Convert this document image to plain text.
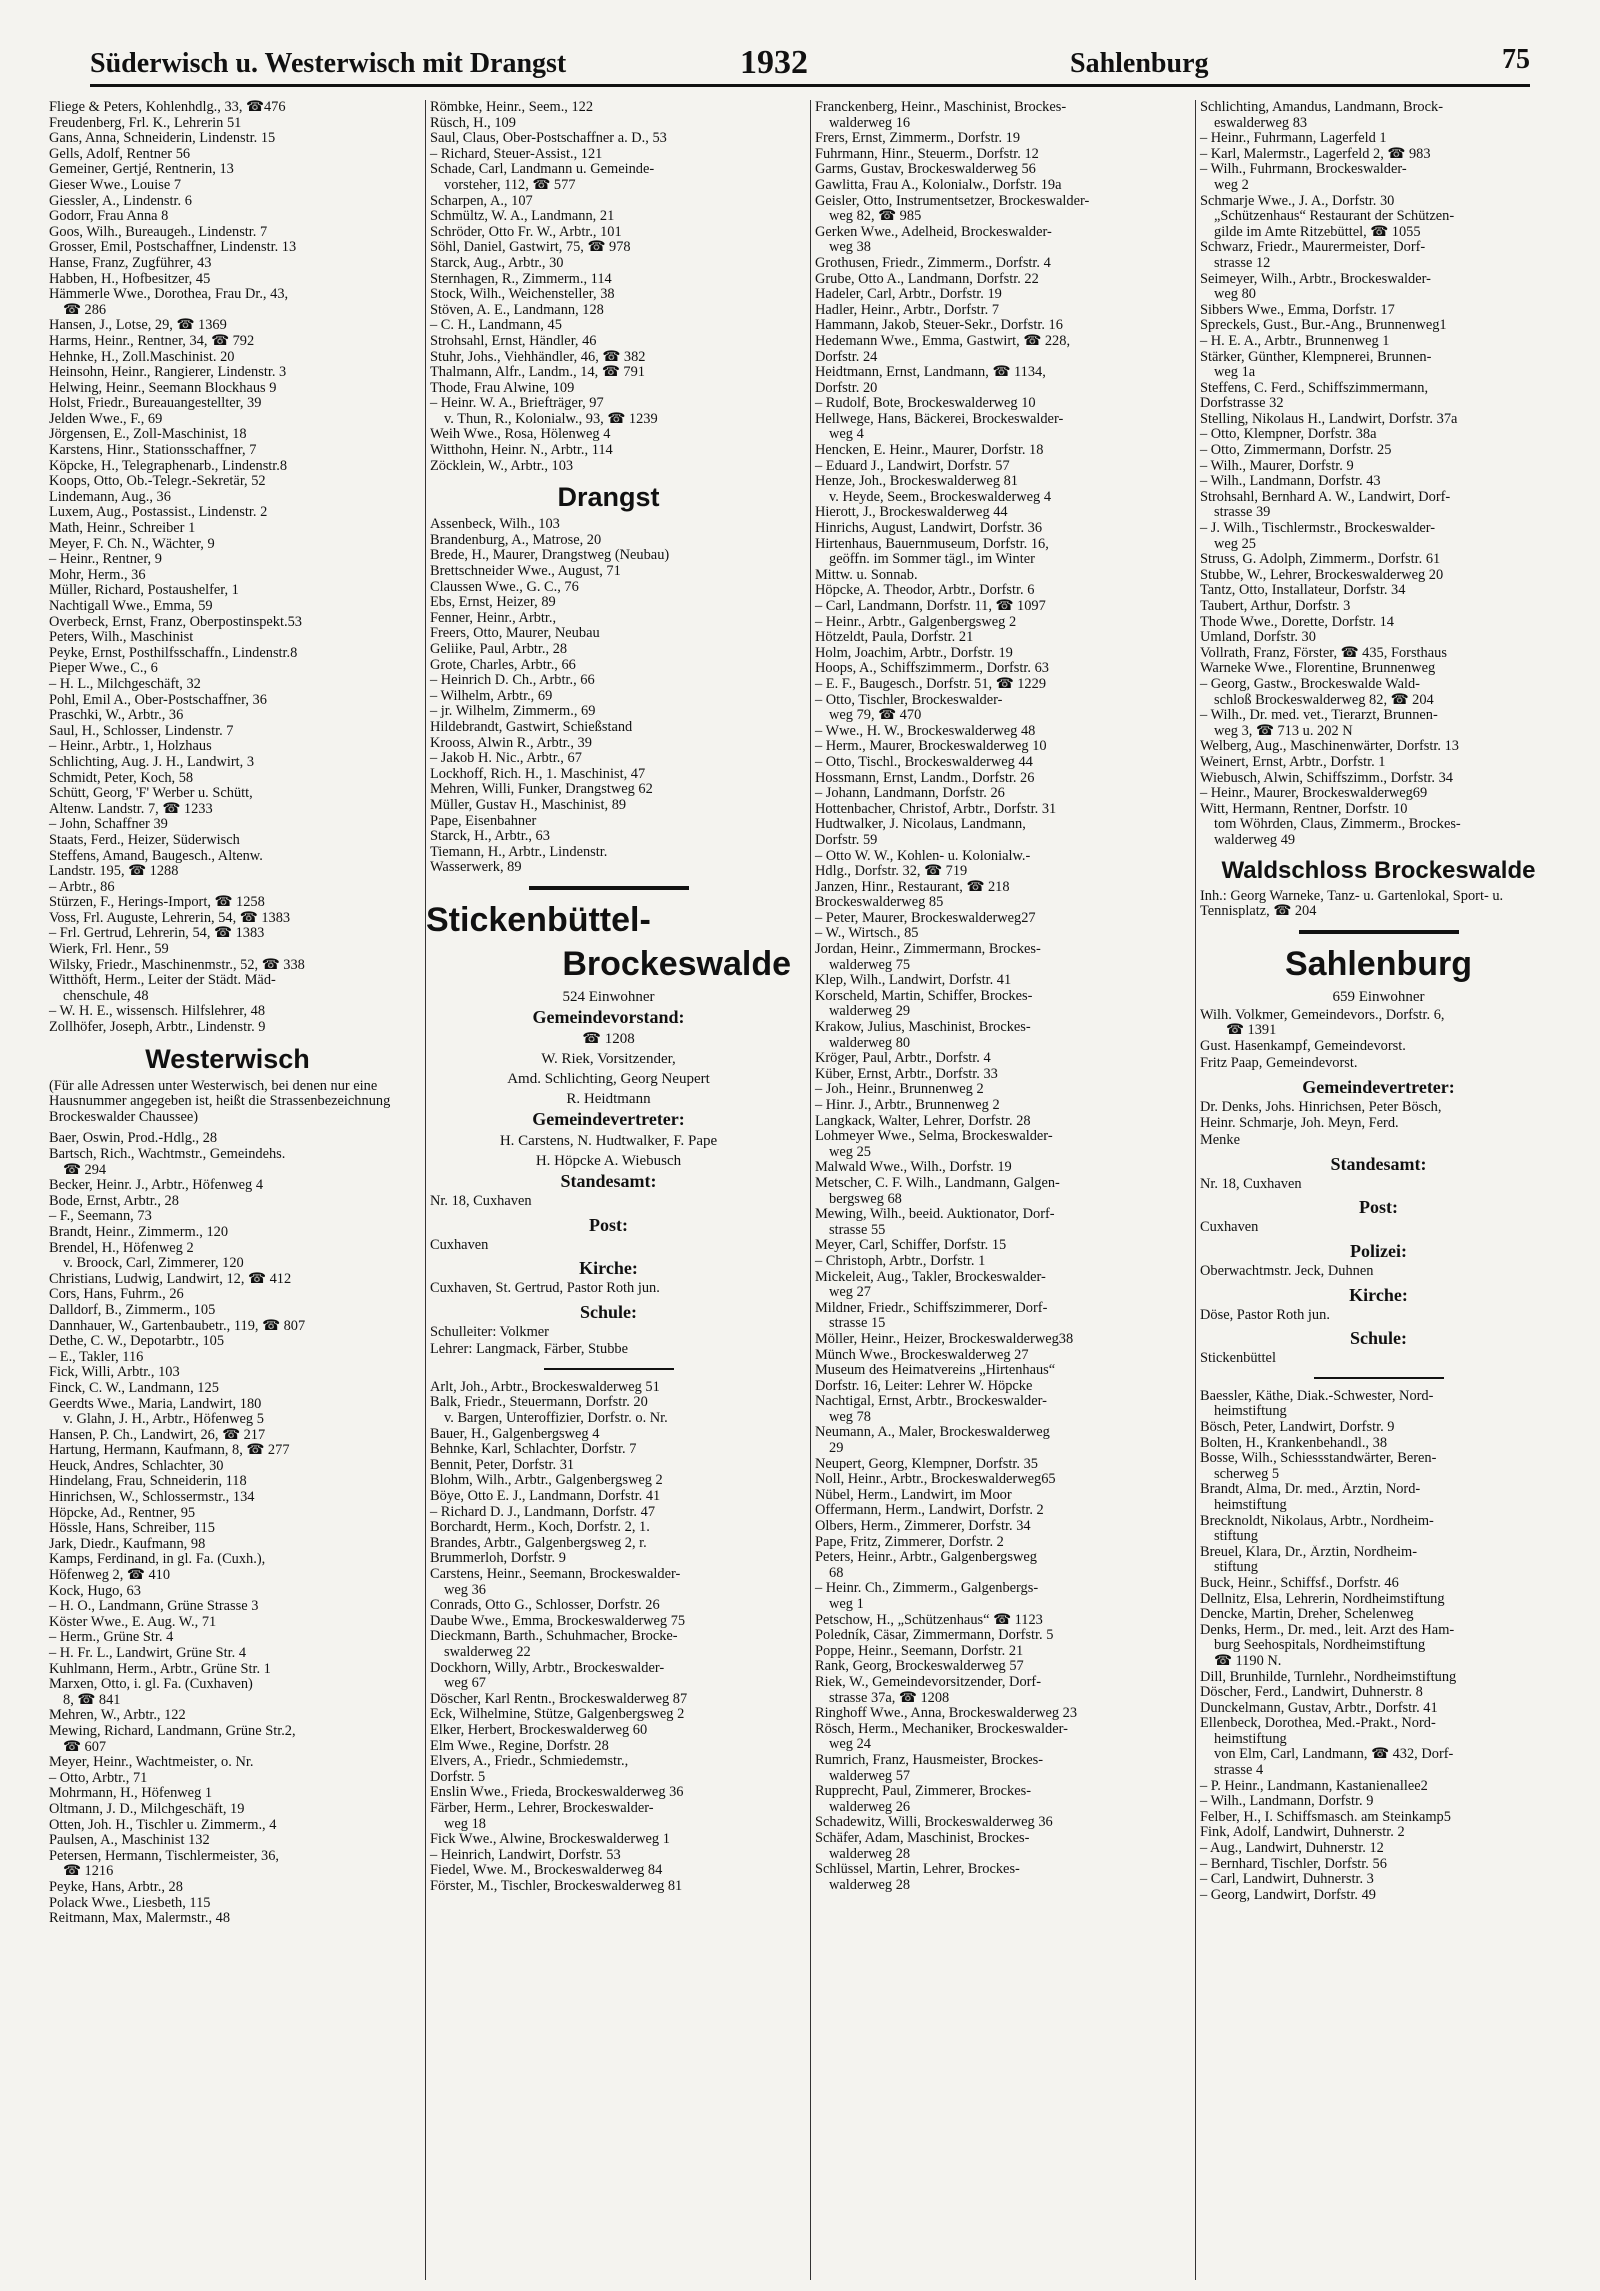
Süderwisch u. Westerwisch mit Drangst	1932	Sahlenburg	75
Fliege & Peters, Kohlenhdlg., 33, ☎476
Freudenberg, Frl. K., Lehrerin 51
Gans, Anna, Schneiderin, Lindenstr. 15
Gells, Adolf, Rentner 56
Gemeiner, Gertjé, Rentnerin, 13
Gieser Wwe., Louise 7
Giessler, A., Lindenstr. 6
Godorr, Frau Anna 8
Goos, Wilh., Bureaugeh., Lindenstr. 7
Grosser, Emil, Postschaffner, Lindenstr. 13
Hanse, Franz, Zugführer, 43
Habben, H., Hofbesitzer, 45
Hämmerle Wwe., Dorothea, Frau Dr., 43,
☎ 286
Hansen, J., Lotse, 29, ☎ 1369
Harms, Heinr., Rentner, 34, ☎ 792
Hehnke, H., Zoll.Maschinist. 20
Heinsohn, Heinr., Rangierer, Lindenstr. 3
Helwing, Heinr., Seemann Blockhaus 9
Holst, Friedr., Bureauangestellter, 39
Jelden Wwe., F., 69
Jörgensen, E., Zoll-Maschinist, 18
Karstens, Hinr., Stationsschaffner, 7
Köpcke, H., Telegraphenarb., Lindenstr.8
Koops, Otto, Ob.-Telegr.-Sekretär, 52
Lindemann, Aug., 36
Luxem, Aug., Postassist., Lindenstr. 2
Math, Heinr., Schreiber 1
Meyer, F. Ch. N., Wächter, 9
– Heinr., Rentner, 9
Mohr, Herm., 36
Müller, Richard, Postaushelfer, 1
Nachtigall Wwe., Emma, 59
Overbeck, Ernst, Franz, Oberpostinspekt.53
Peters, Wilh., Maschinist
Peyke, Ernst, Posthilfsschaffn., Lindenstr.8
Pieper Wwe., C., 6
– H. L., Milchgeschäft, 32
Pohl, Emil A., Ober-Postschaffner, 36
Praschki, W., Arbtr., 36
Saul, H., Schlosser, Lindenstr. 7
– Heinr., Arbtr., 1, Holzhaus
Schlichting, Aug. J. H., Landwirt, 3
Schmidt, Peter, Koch, 58
Schütt, Georg, 'F' Werber u. Schütt,
Altenw. Landstr. 7, ☎ 1233
– John, Schaffner 39
Staats, Ferd., Heizer, Süderwisch
Steffens, Amand, Baugesch., Altenw.
Landstr. 195, ☎ 1288
– Arbtr., 86
Stürzen, F., Herings-Import, ☎ 1258
Voss, Frl. Auguste, Lehrerin, 54, ☎ 1383
– Frl. Gertrud, Lehrerin, 54, ☎ 1383
Wierk, Frl. Henr., 59
Wilsky, Friedr., Maschinenmstr., 52, ☎ 338
Witthöft, Herm., Leiter der Städt. Mäd-
chenschule, 48
– W. H. E., wissensch. Hilfslehrer, 48
Zollhöfer, Joseph, Arbtr., Lindenstr. 9
Westerwisch
(Für alle Adressen unter Westerwisch, bei denen nur eine Hausnummer angegeben ist, heißt die Strassenbezeichnung Brockeswalder Chaussee)
Baer, Oswin, Prod.-Hdlg., 28
Bartsch, Rich., Wachtmstr., Gemeindehs.
☎ 294
Becker, Heinr. J., Arbtr., Höfenweg 4
Bode, Ernst, Arbtr., 28
– F., Seemann, 73
Brandt, Heinr., Zimmerm., 120
Brendel, H., Höfenweg 2
v. Broock, Carl, Zimmerer, 120
Christians, Ludwig, Landwirt, 12, ☎ 412
Cors, Hans, Fuhrm., 26
Dalldorf, B., Zimmerm., 105
Dannhauer, W., Gartenbaubetr., 119, ☎ 807
Dethe, C. W., Depotarbtr., 105
– E., Takler, 116
Fick, Willi, Arbtr., 103
Finck, C. W., Landmann, 125
Geerdts Wwe., Maria, Landwirt, 180
v. Glahn, J. H., Arbtr., Höfenweg 5
Hansen, P. Ch., Landwirt, 26, ☎ 217
Hartung, Hermann, Kaufmann, 8, ☎ 277
Heuck, Andres, Schlachter, 30
Hindelang, Frau, Schneiderin, 118
Hinrichsen, W., Schlossermstr., 134
Höpcke, Ad., Rentner, 95
Hössle, Hans, Schreiber, 115
Jark, Diedr., Kaufmann, 98
Kamps, Ferdinand, in gl. Fa. (Cuxh.),
Höfenweg 2, ☎ 410
Kock, Hugo, 63
– H. O., Landmann, Grüne Strasse 3
Köster Wwe., E. Aug. W., 71
– Herm., Grüne Str. 4
– H. Fr. L., Landwirt, Grüne Str. 4
Kuhlmann, Herm., Arbtr., Grüne Str. 1
Marxen, Otto, i. gl. Fa. (Cuxhaven)
8, ☎ 841
Mehren, W., Arbtr., 122
Mewing, Richard, Landmann, Grüne Str.2,
☎ 607
Meyer, Heinr., Wachtmeister, o. Nr.
– Otto, Arbtr., 71
Mohrmann, H., Höfenweg 1
Oltmann, J. D., Milchgeschäft, 19
Otten, Joh. H., Tischler u. Zimmerm., 4
Paulsen, A., Maschinist 132
Petersen, Hermann, Tischlermeister, 36,
☎ 1216
Peyke, Hans, Arbtr., 28
Polack Wwe., Liesbeth, 115
Reitmann, Max, Malermstr., 48
Römbke, Heinr., Seem., 122
Rüsch, H., 109
Saul, Claus, Ober-Postschaffner a. D., 53
– Richard, Steuer-Assist., 121
Schade, Carl, Landmann u. Gemeinde-
vorsteher, 112, ☎ 577
Scharpen, A., 107
Schmültz, W. A., Landmann, 21
Schröder, Otto Fr. W., Arbtr., 101
Söhl, Daniel, Gastwirt, 75, ☎ 978
Starck, Aug., Arbtr., 30
Sternhagen, R., Zimmerm., 114
Stock, Wilh., Weichensteller, 38
Stöven, A. E., Landmann, 128
– C. H., Landmann, 45
Strohsahl, Ernst, Händler, 46
Stuhr, Johs., Viehhändler, 46, ☎ 382
Thalmann, Alfr., Landm., 14, ☎ 791
Thode, Frau Alwine, 109
– Heinr. W. A., Briefträger, 97
v. Thun, R., Kolonialw., 93, ☎ 1239
Weih Wwe., Rosa, Hölenweg 4
Witthohn, Heinr. N., Arbtr., 114
Zöcklein, W., Arbtr., 103
Drangst
Assenbeck, Wilh., 103
Brandenburg, A., Matrose, 20
Brede, H., Maurer, Drangstweg (Neubau)
Brettschneider Wwe., August, 71
Claussen Wwe., G. C., 76
Ebs, Ernst, Heizer, 89
Fenner, Heinr., Arbtr.,
Freers, Otto, Maurer, Neubau
Geliike, Paul, Arbtr., 28
Grote, Charles, Arbtr., 66
– Heinrich D. Ch., Arbtr., 66
– Wilhelm, Arbtr., 69
– jr. Wilhelm, Zimmerm., 69
Hildebrandt, Gastwirt, Schießstand
Krooss, Alwin R., Arbtr., 39
– Jakob H. Nic., Arbtr., 67
Lockhoff, Rich. H., 1. Maschinist, 47
Mehren, Willi, Funker, Drangstweg 62
Müller, Gustav H., Maschinist, 89
Pape, Eisenbahner
Starck, H., Arbtr., 63
Tiemann, H., Arbtr., Lindenstr.
Wasserwerk, 89
Stickenbüttel-
Brockeswalde
524 Einwohner
Gemeindevorstand:
☎ 1208
W. Riek, Vorsitzender,
Amd. Schlichting, Georg Neupert
R. Heidtmann
Gemeindevertreter:
H. Carstens, N. Hudtwalker, F. Pape
H. Höpcke A. Wiebusch
Standesamt:
Nr. 18, Cuxhaven
Post:
Cuxhaven
Kirche:
Cuxhaven, St. Gertrud, Pastor Roth jun.
Schule:
Schulleiter: Volkmer
Lehrer: Langmack, Färber, Stubbe
Arlt, Joh., Arbtr., Brockeswalderweg 51
Balk, Friedr., Steuermann, Dorfstr. 20
v. Bargen, Unteroffizier, Dorfstr. o. Nr.
Bauer, H., Galgenbergsweg 4
Behnke, Karl, Schlachter, Dorfstr. 7
Bennit, Peter, Dorfstr. 31
Blohm, Wilh., Arbtr., Galgenbergsweg 2
Böye, Otto E. J., Landmann, Dorfstr. 41
– Richard D. J., Landmann, Dorfstr. 47
Borchardt, Herm., Koch, Dorfstr. 2, 1.
Brandes, Arbtr., Galgenbergsweg 2, r.
Brummerloh, Dorfstr. 9
Carstens, Heinr., Seemann, Brockeswalder-
weg 36
Conrads, Otto G., Schlosser, Dorfstr. 26
Daube Wwe., Emma, Brockeswalderweg 75
Dieckmann, Barth., Schuhmacher, Brocke-
swalderweg 22
Dockhorn, Willy, Arbtr., Brockeswalder-
weg 67
Döscher, Karl Rentn., Brockeswalderweg 87
Eck, Wilhelmine, Stütze, Galgenbergsweg 2
Elker, Herbert, Brockeswalderweg 60
Elm Wwe., Regine, Dorfstr. 28
Elvers, A., Friedr., Schmiedemstr.,
Dorfstr. 5
Enslin Wwe., Frieda, Brockeswalderweg 36
Färber, Herm., Lehrer, Brockeswalder-
weg 18
Fick Wwe., Alwine, Brockeswalderweg 1
– Heinrich, Landwirt, Dorfstr. 53
Fiedel, Wwe. M., Brockeswalderweg 84
Förster, M., Tischler, Brockeswalderweg 81
Franckenberg, Heinr., Maschinist, Brockes-
walderweg 16
Frers, Ernst, Zimmerm., Dorfstr. 19
Fuhrmann, Hinr., Steuerm., Dorfstr. 12
Garms, Gustav, Brockeswalderweg 56
Gawlitta, Frau A., Kolonialw., Dorfstr. 19a
Geisler, Otto, Instrumentsetzer, Brockeswalder-
weg 82, ☎ 985
Gerken Wwe., Adelheid, Brockeswalder-
weg 38
Grothusen, Friedr., Zimmerm., Dorfstr. 4
Grube, Otto A., Landmann, Dorfstr. 22
Hadeler, Carl, Arbtr., Dorfstr. 19
Hadler, Heinr., Arbtr., Dorfstr. 7
Hammann, Jakob, Steuer-Sekr., Dorfstr. 16
Hedemann Wwe., Emma, Gastwirt, ☎ 228,
Dorfstr. 24
Heidtmann, Ernst, Landmann, ☎ 1134,
Dorfstr. 20
– Rudolf, Bote, Brockeswalderweg 10
Hellwege, Hans, Bäckerei, Brockeswalder-
weg 4
Hencken, E. Heinr., Maurer, Dorfstr. 18
– Eduard J., Landwirt, Dorfstr. 57
Henze, Joh., Brockeswalderweg 81
v. Heyde, Seem., Brockeswalderweg 4
Hierott, J., Brockeswalderweg 44
Hinrichs, August, Landwirt, Dorfstr. 36
Hirtenhaus, Bauernmuseum, Dorfstr. 16,
geöffn. im Sommer tägl., im Winter
Mittw. u. Sonnab.
Höpcke, A. Theodor, Arbtr., Dorfstr. 6
– Carl, Landmann, Dorfstr. 11, ☎ 1097
– Heinr., Arbtr., Galgenbergsweg 2
Hötzeldt, Paula, Dorfstr. 21
Holm, Joachim, Arbtr., Dorfstr. 19
Hoops, A., Schiffszimmerm., Dorfstr. 63
– E. F., Baugesch., Dorfstr. 51, ☎ 1229
– Otto, Tischler, Brockeswalder-
weg 79, ☎ 470
– Wwe., H. W., Brockeswalderweg 48
– Herm., Maurer, Brockeswalderweg 10
– Otto, Tischl., Brockeswalderweg 44
Hossmann, Ernst, Landm., Dorfstr. 26
– Johann, Landmann, Dorfstr. 26
Hottenbacher, Christof, Arbtr., Dorfstr. 31
Hudtwalker, J. Nicolaus, Landmann,
Dorfstr. 59
– Otto W. W., Kohlen- u. Kolonialw.-
Hdlg., Dorfstr. 32, ☎ 719
Janzen, Hinr., Restaurant, ☎ 218
Brockeswalderweg 85
– Peter, Maurer, Brockeswalderweg27
– W., Wirtsch., 85
Jordan, Heinr., Zimmermann, Brockes-
walderweg 75
Klep, Wilh., Landwirt, Dorfstr. 41
Korscheld, Martin, Schiffer, Brockes-
walderweg 29
Krakow, Julius, Maschinist, Brockes-
walderweg 80
Kröger, Paul, Arbtr., Dorfstr. 4
Küber, Ernst, Arbtr., Dorfstr. 33
– Joh., Heinr., Brunnenweg 2
– Hinr. J., Arbtr., Brunnenweg 2
Langkack, Walter, Lehrer, Dorfstr. 28
Lohmeyer Wwe., Selma, Brockeswalder-
weg 25
Malwald Wwe., Wilh., Dorfstr. 19
Metscher, C. F. Wilh., Landmann, Galgen-
bergsweg 68
Mewing, Wilh., beeid. Auktionator, Dorf-
strasse 55
Meyer, Carl, Schiffer, Dorfstr. 15
– Christoph, Arbtr., Dorfstr. 1
Mickeleit, Aug., Takler, Brockeswalder-
weg 27
Mildner, Friedr., Schiffszimmerer, Dorf-
strasse 15
Möller, Heinr., Heizer, Brockeswalderweg38
Münch Wwe., Brockeswalderweg 27
Museum des Heimatvereins „Hirtenhaus“
Dorfstr. 16, Leiter: Lehrer W. Höpcke
Nachtigal, Ernst, Arbtr., Brockeswalder-
weg 78
Neumann, A., Maler, Brockeswalderweg
29
Neupert, Georg, Klempner, Dorfstr. 35
Noll, Heinr., Arbtr., Brockeswalderweg65
Nübel, Herm., Landwirt, im Moor
Offermann, Herm., Landwirt, Dorfstr. 2
Olbers, Herm., Zimmerer, Dorfstr. 34
Pape, Fritz, Zimmerer, Dorfstr. 2
Peters, Heinr., Arbtr., Galgenbergsweg
68
– Heinr. Ch., Zimmerm., Galgenbergs-
weg 1
Petschow, H., „Schützenhaus“ ☎ 1123
Poledník, Cäsar, Zimmermann, Dorfstr. 5
Poppe, Heinr., Seemann, Dorfstr. 21
Rank, Georg, Brockeswalderweg 57
Riek, W., Gemeindevorsitzender, Dorf-
strasse 37a, ☎ 1208
Ringhoff Wwe., Anna, Brockeswalderweg 23
Rösch, Herm., Mechaniker, Brockeswalder-
weg 24
Rumrich, Franz, Hausmeister, Brockes-
walderweg 57
Rupprecht, Paul, Zimmerer, Brockes-
walderweg 26
Schadewitz, Willi, Brockeswalderweg 36
Schäfer, Adam, Maschinist, Brockes-
walderweg 28
Schlüssel, Martin, Lehrer, Brockes-
walderweg 28
Schlichting, Amandus, Landmann, Brock-
eswalderweg 83
– Heinr., Fuhrmann, Lagerfeld 1
– Karl, Malermstr., Lagerfeld 2, ☎ 983
– Wilh., Fuhrmann, Brockeswalder-
weg 2
Schmarje Wwe., J. A., Dorfstr. 30
„Schützenhaus“ Restaurant der Schützen-
gilde im Amte Ritzebüttel, ☎ 1055
Schwarz, Friedr., Maurermeister, Dorf-
strasse 12
Seimeyer, Wilh., Arbtr., Brockeswalder-
weg 80
Sibbers Wwe., Emma, Dorfstr. 17
Spreckels, Gust., Bur.-Ang., Brunnenweg1
– H. E. A., Arbtr., Brunnenweg 1
Stärker, Günther, Klempnerei, Brunnen-
weg 1a
Steffens, C. Ferd., Schiffszimmermann,
Dorfstrasse 32
Stelling, Nikolaus H., Landwirt, Dorfstr. 37a
– Otto, Klempner, Dorfstr. 38a
– Otto, Zimmermann, Dorfstr. 25
– Wilh., Maurer, Dorfstr. 9
– Wilh., Landmann, Dorfstr. 43
Strohsahl, Bernhard A. W., Landwirt, Dorf-
strasse 39
– J. Wilh., Tischlermstr., Brockeswalder-
weg 25
Struss, G. Adolph, Zimmerm., Dorfstr. 61
Stubbe, W., Lehrer, Brockeswalderweg 20
Tantz, Otto, Installateur, Dorfstr. 34
Taubert, Arthur, Dorfstr. 3
Thode Wwe., Dorette, Dorfstr. 14
Umland, Dorfstr. 30
Vollrath, Franz, Förster, ☎ 435, Forsthaus
Warneke Wwe., Florentine, Brunnenweg
– Georg, Gastw., Brockeswalde Wald-
schloß Brockeswalderweg 82, ☎ 204
– Wilh., Dr. med. vet., Tierarzt, Brunnen-
weg 3, ☎ 713 u. 202 N
Welberg, Aug., Maschinenwärter, Dorfstr. 13
Weinert, Ernst, Arbtr., Dorfstr. 1
Wiebusch, Alwin, Schiffszimm., Dorfstr. 34
– Heinr., Maurer, Brockeswalderweg69
Witt, Hermann, Rentner, Dorfstr. 10
tom Wöhrden, Claus, Zimmerm., Brockes-
walderweg 49
Waldschloss Brockeswalde
Inh.: Georg Warneke, Tanz- u. Gartenlokal, Sport- u. Tennisplatz, ☎ 204
Sahlenburg
659 Einwohner
Wilh. Volkmer, Gemeindevors., Dorfstr. 6,
☎ 1391
Gust. Hasenkampf, Gemeindevorst.
Fritz Paap, Gemeindevorst.
Gemeindevertreter:
Dr. Denks, Johs. Hinrichsen, Peter Bösch,
Heinr. Schmarje, Joh. Meyn, Ferd.
Menke
Standesamt:
Nr. 18, Cuxhaven
Post:
Cuxhaven
Polizei:
Oberwachtmstr. Jeck, Duhnen
Kirche:
Döse, Pastor Roth jun.
Schule:
Stickenbüttel
Baessler, Käthe, Diak.-Schwester, Nord-
heimstiftung
Bösch, Peter, Landwirt, Dorfstr. 9
Bolten, H., Krankenbehandl., 38
Bosse, Wilh., Schiessstandwärter, Beren-
scherweg 5
Brandt, Alma, Dr. med., Ärztin, Nord-
heimstiftung
Brecknoldt, Nikolaus, Arbtr., Nordheim-
stiftung
Breuel, Klara, Dr., Ärztin, Nordheim-
stiftung
Buck, Heinr., Schiffsf., Dorfstr. 46
Dellnitz, Elsa, Lehrerin, Nordheimstiftung
Dencke, Martin, Dreher, Schelenweg
Denks, Herm., Dr. med., leit. Arzt des Ham-
burg Seehospitals, Nordheimstiftung
☎ 1190 N.
Dill, Brunhilde, Turnlehr., Nordheimstiftung
Döscher, Ferd., Landwirt, Duhnerstr. 8
Dunckelmann, Gustav, Arbtr., Dorfstr. 41
Ellenbeck, Dorothea, Med.-Prakt., Nord-
heimstiftung
von Elm, Carl, Landmann, ☎ 432, Dorf-
strasse 4
– P. Heinr., Landmann, Kastanienallee2
– Wilh., Landmann, Dorfstr. 9
Felber, H., I. Schiffsmasch. am Steinkamp5
Fink, Adolf, Landwirt, Duhnerstr. 2
– Aug., Landwirt, Duhnerstr. 12
– Bernhard, Tischler, Dorfstr. 56
– Carl, Landwirt, Duhnerstr. 3
– Georg, Landwirt, Dorfstr. 49
